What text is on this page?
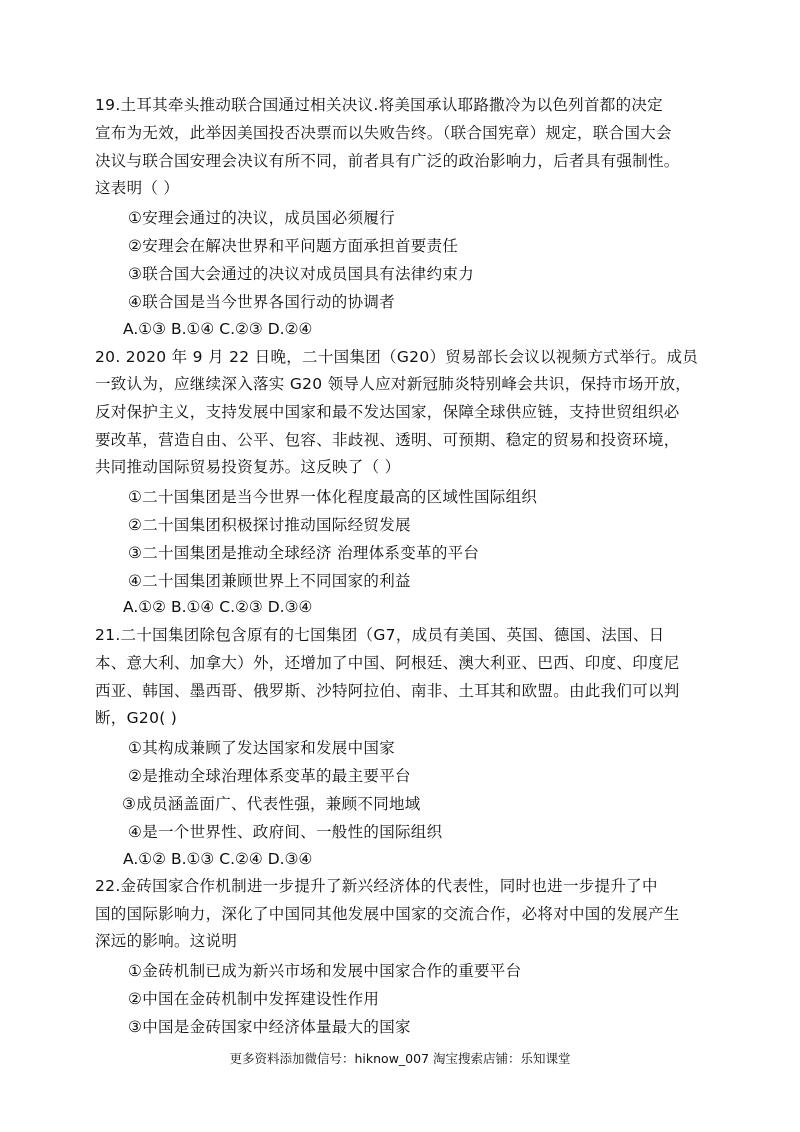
19.土耳其牵头推动联合国通过相关决议.将美国承认耶路撒冷为以色列首都的决定
宣布为无效，此举因美国投否决票而以失败告终。（联合国宪章）规定，联合国大会
决议与联合国安理会决议有所不同，前者具有广泛的政治影响力，后者具有强制性。
这表明（ ）
①安理会通过的决议，成员国必须履行
②安理会在解决世界和平问题方面承担首要责任
③联合国大会通过的决议对成员国具有法律约束力
④联合国是当今世界各国行动的协调者
A.①③ B.①④ C.②③ D.②④
20. 2020 年 9 月 22 日晚，二十国集团（G20）贸易部长会议以视频方式举行。成员
一致认为，应继续深入落实 G20 领导人应对新冠肺炎特别峰会共识，保持市场开放，
反对保护主义，支持发展中国家和最不发达国家，保障全球供应链，支持世贸组织必
要改革，营造自由、公平、包容、非歧视、透明、可预期、稳定的贸易和投资环境，
共同推动国际贸易投资复苏。这反映了（ ）
①二十国集团是当今世界一体化程度最高的区域性国际组织
②二十国集团积极探讨推动国际经贸发展
③二十国集团是推动全球经济 治理体系变革的平台
④二十国集团兼顾世界上不同国家的利益
A.①② B.①④ C.②③ D.③④
21.二十国集团除包含原有的七国集团（G7，成员有美国、英国、德国、法国、日
本、意大利、加拿大）外，还增加了中国、阿根廷、澳大利亚、巴西、印度、印度尼
西亚、韩国、墨西哥、俄罗斯、沙特阿拉伯、南非、土耳其和欧盟。由此我们可以判
断，G20( )
①其构成兼顾了发达国家和发展中国家
②是推动全球治理体系变革的最主要平台
③成员涵盖面广、代表性强，兼顾不同地域
④是一个世界性、政府间、一般性的国际组织
A.①② B.①③ C.②④ D.③④
22.金砖国家合作机制进一步提升了新兴经济体的代表性，同时也进一步提升了中
国的国际影响力，深化了中国同其他发展中国家的交流合作，必将对中国的发展产生
深远的影响。这说明
①金砖机制已成为新兴市场和发展中国家合作的重要平台
②中国在金砖机制中发挥建设性作用
③中国是金砖国家中经济体量最大的国家
更多资料添加微信号：hiknow_007 淘宝搜索店铺：乐知课堂
